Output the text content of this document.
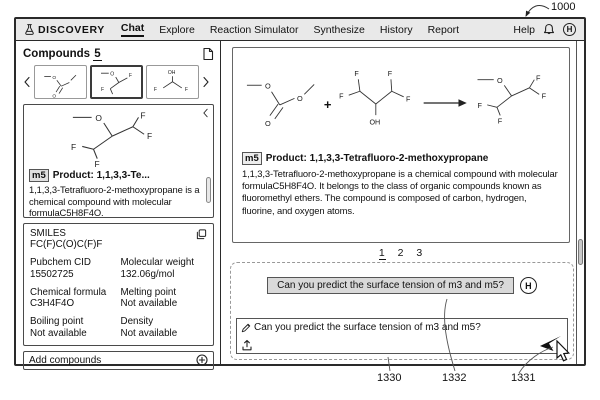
1000
DISCOVERY Chat Explore Reaction Simulator Synthesize History Report	Help	H
Compounds 5
O
O
O F
F
OH
F	F
O	F
F
F
F
m5 Product: 1,1,3,3-Te...
1,1,3,3-Tetrafluoro-2-methoxypropane is a chemical compound with molecular formulaC5H8F4O.
SMILES
FC(F)C(O)C(F)F
Pubchem CID
15502725
Molecular weight
132.06g/mol
Chemical formula
C3H4F4O
Melting point
Not available
Boiling point
Not available
Density
Not available
Add compounds
O
O
O +
F
F
OH
F
F →
O	F
F
F
F
m5 Product: 1,1,3,3-Tetrafluoro-2-methoxypropane
1,1,3,3-Tetrafluoro-2-methoxypropane is a chemical compound with molecular formulaC5H8F4O. It belongs to the class of organic compounds known as fluoromethyl ethers. The compound is composed of carbon, hydrogen, fluorine, and oxygen atoms.
1 2 3
Can you predict the surface tension of m3 and m5?	H
Can you predict the surface tension of m3 and m5?
1330	1332	1331
